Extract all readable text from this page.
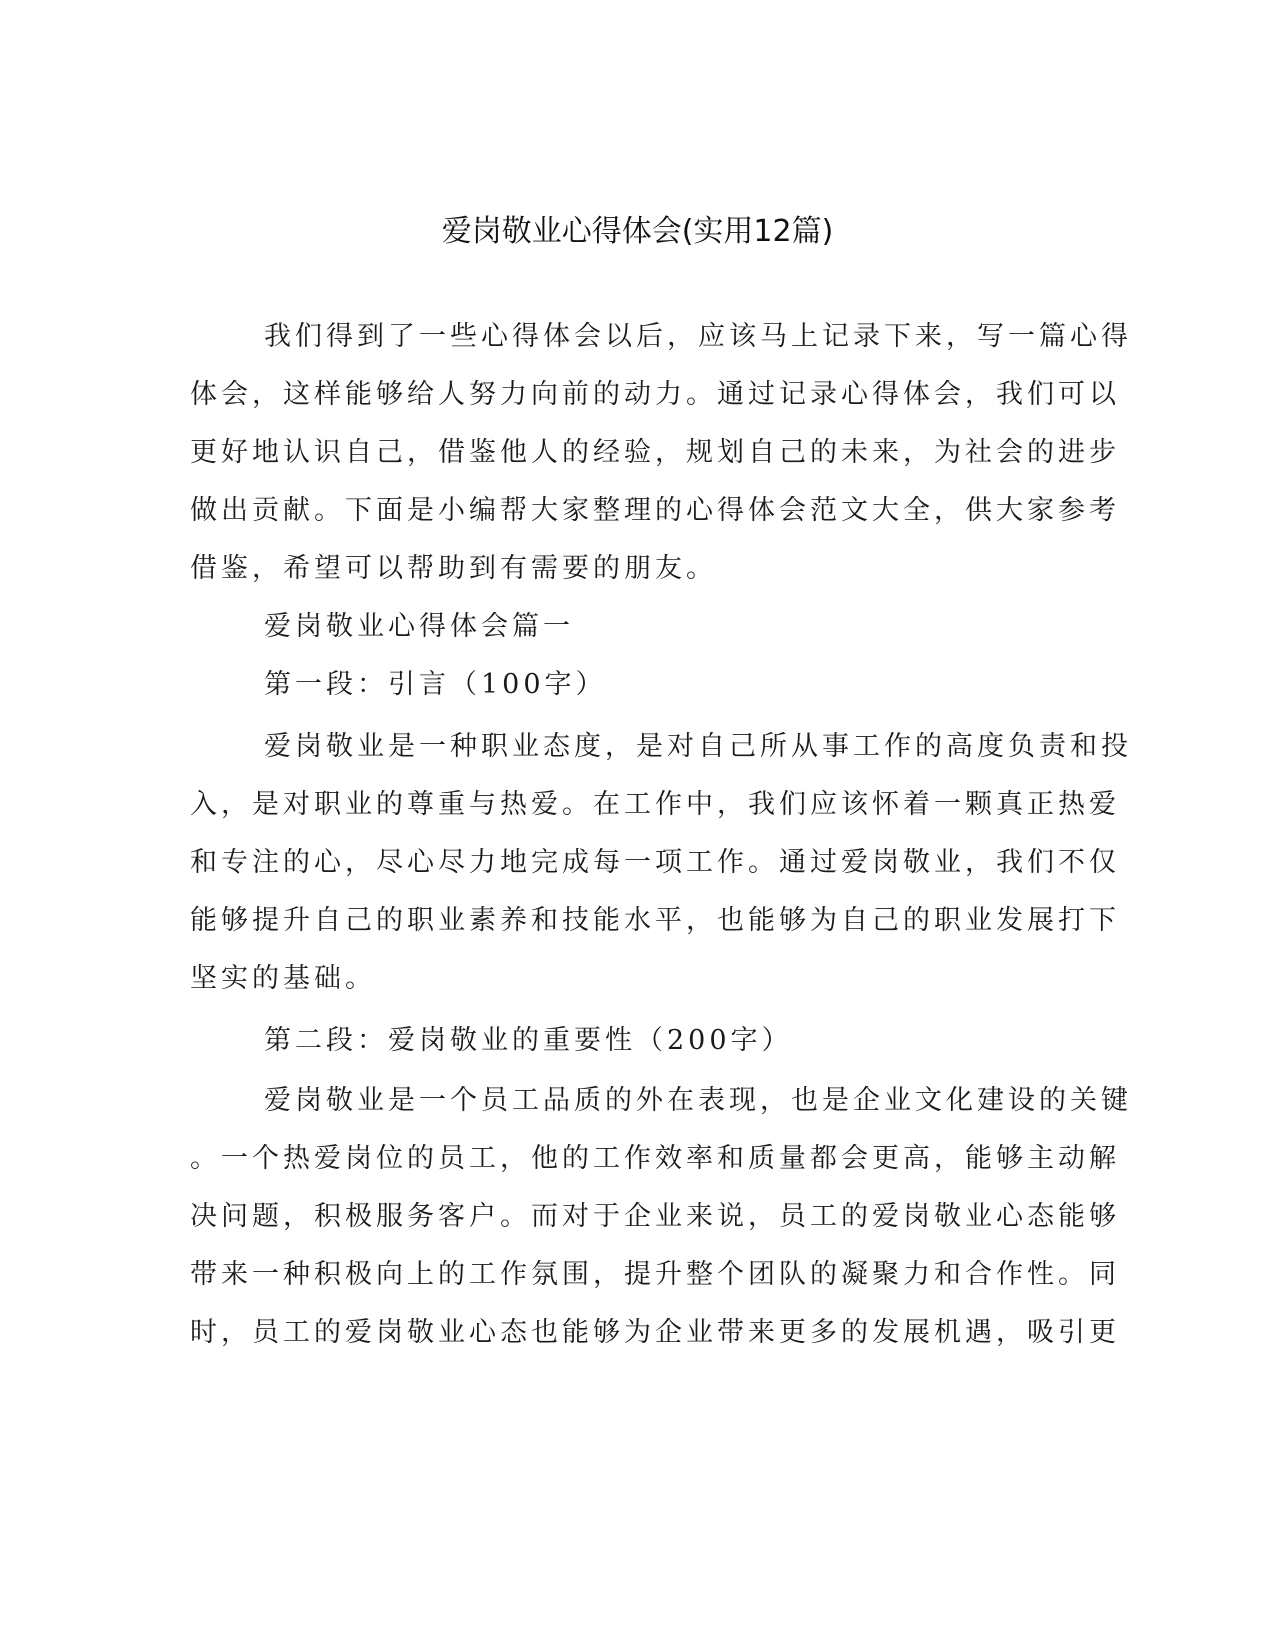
爱岗敬业心得体会(实用12篇)
我们得到了一些心得体会以后，应该马上记录下来，写一篇心得
体会，这样能够给人努力向前的动力。通过记录心得体会，我们可以
更好地认识自己，借鉴他人的经验，规划自己的未来，为社会的进步
做出贡献。下面是小编帮大家整理的心得体会范文大全，供大家参考
借鉴，希望可以帮助到有需要的朋友。
爱岗敬业心得体会篇一
第一段：引言（100字）
爱岗敬业是一种职业态度，是对自己所从事工作的高度负责和投
入，是对职业的尊重与热爱。在工作中，我们应该怀着一颗真正热爱
和专注的心，尽心尽力地完成每一项工作。通过爱岗敬业，我们不仅
能够提升自己的职业素养和技能水平，也能够为自己的职业发展打下
坚实的基础。
第二段：爱岗敬业的重要性（200字）
爱岗敬业是一个员工品质的外在表现，也是企业文化建设的关键
。一个热爱岗位的员工，他的工作效率和质量都会更高，能够主动解
决问题，积极服务客户。而对于企业来说，员工的爱岗敬业心态能够
带来一种积极向上的工作氛围，提升整个团队的凝聚力和合作性。同
时，员工的爱岗敬业心态也能够为企业带来更多的发展机遇，吸引更
